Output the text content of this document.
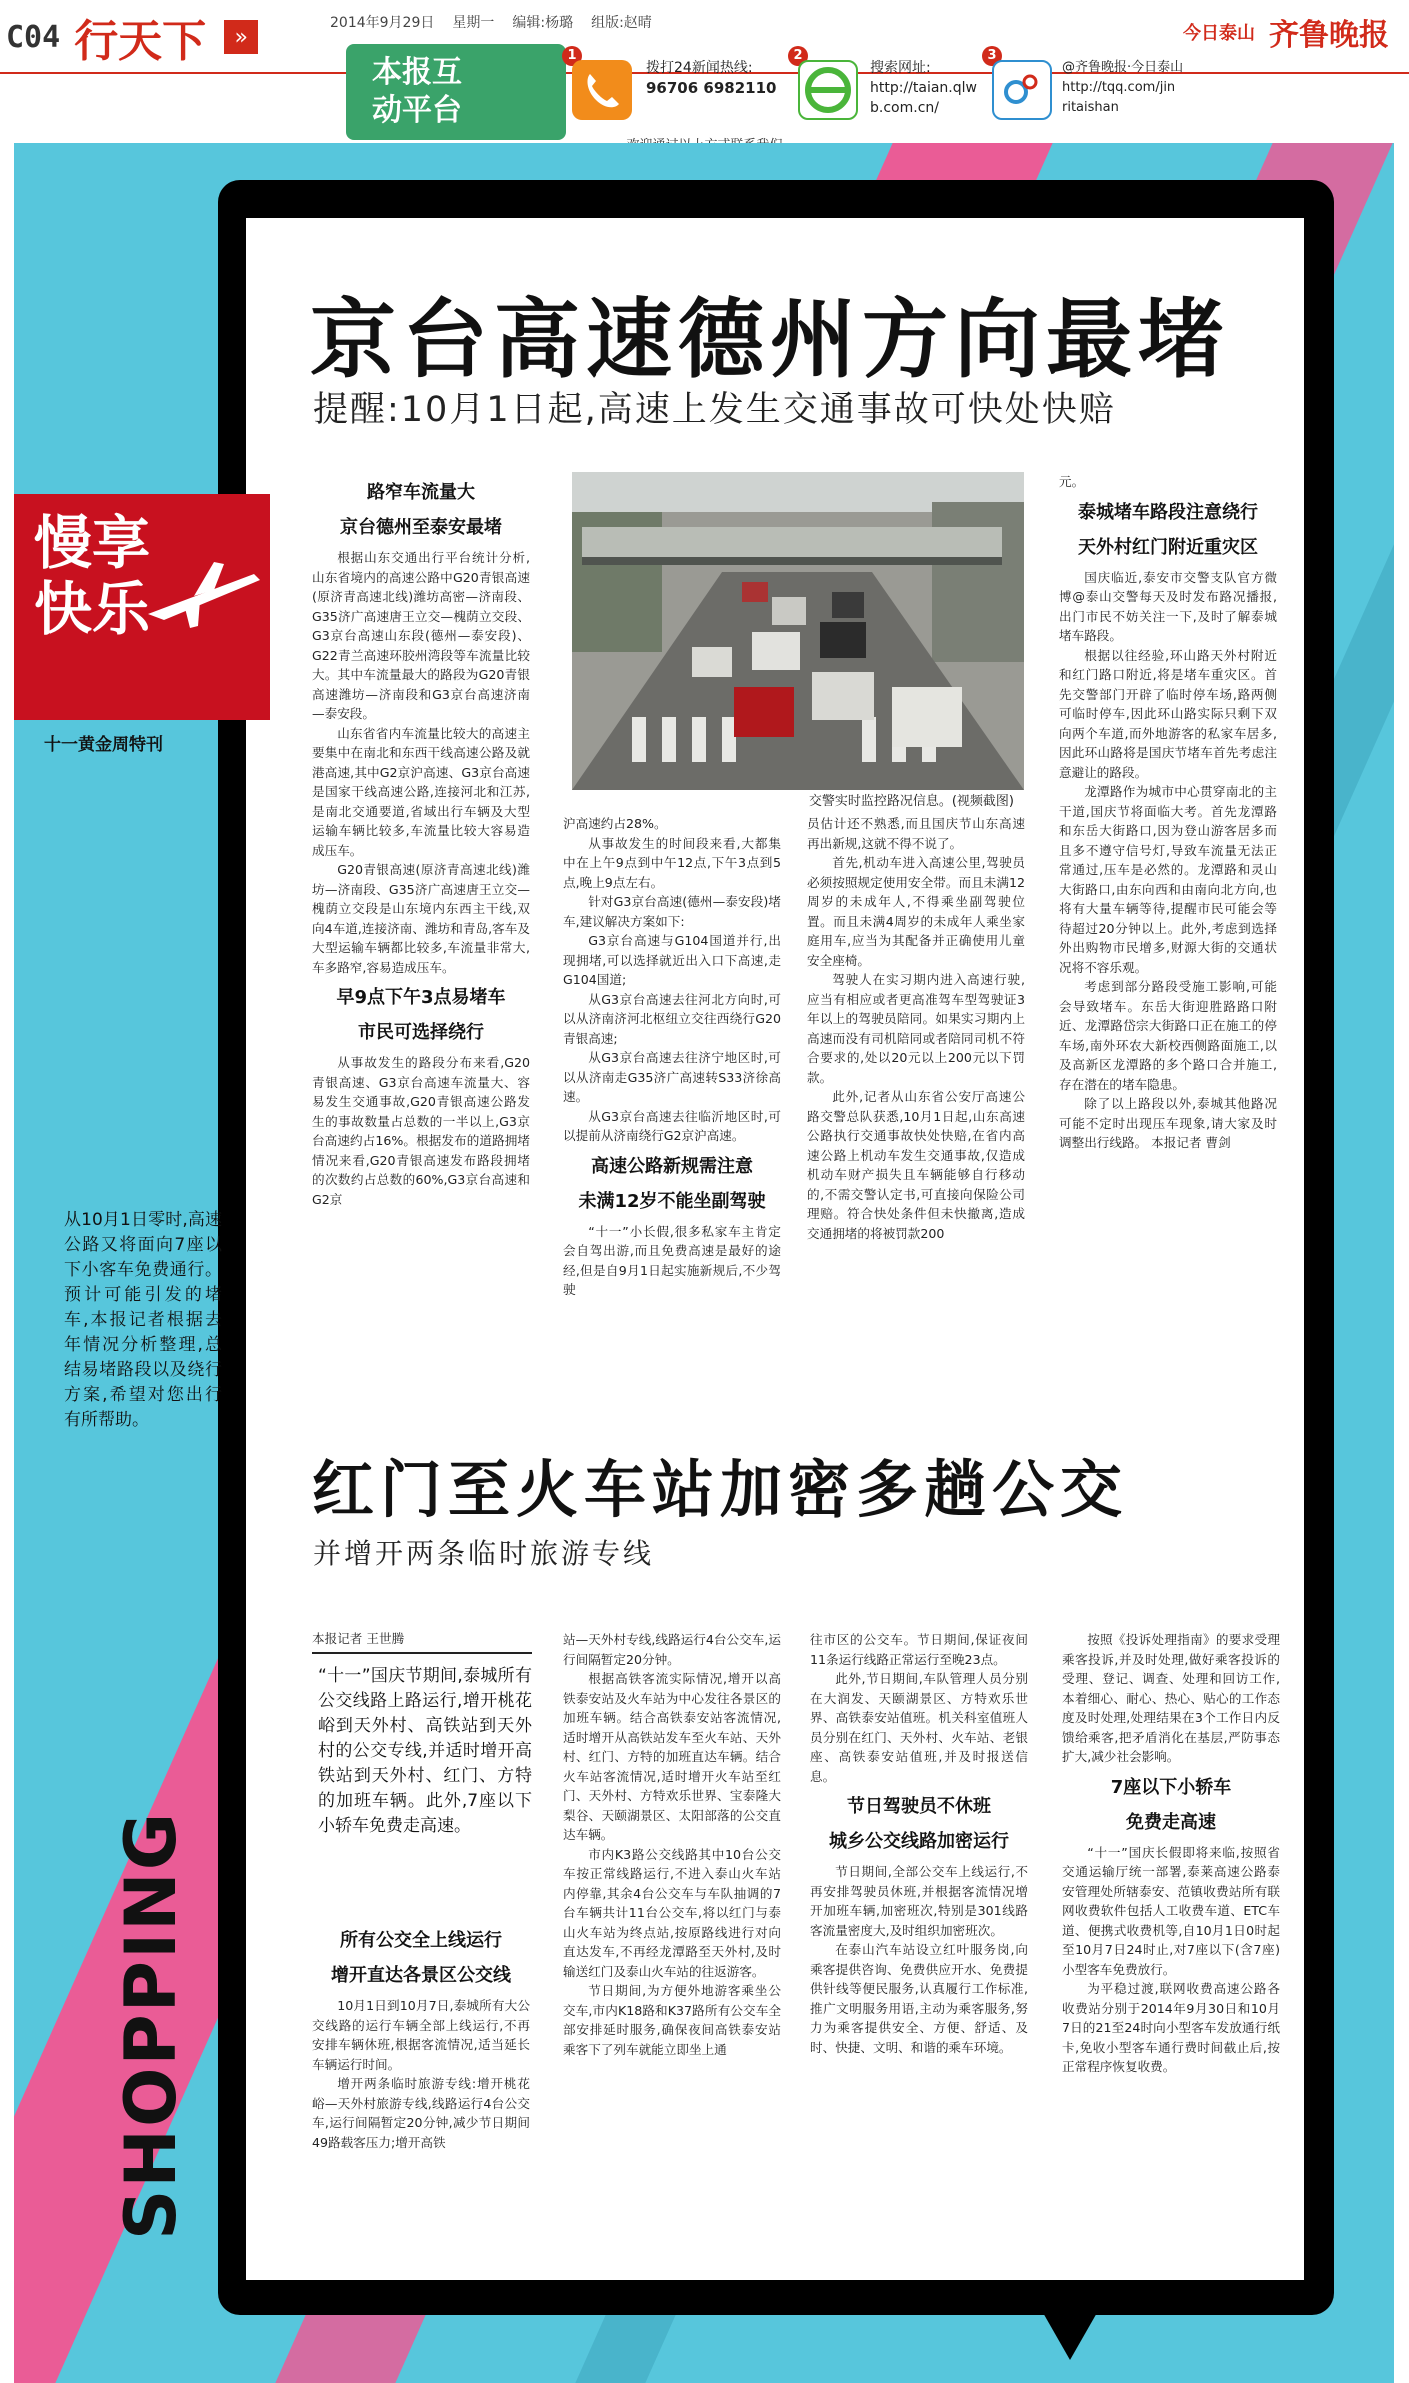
C04 行天下	»
2014年9月29日 星期一 编辑:杨璐 组版:赵晴	今日泰山 齐鲁晚报
本报互
动平台
1
拨打24新闻热线:
96706 6982110
2
搜索网址:
http://taian.qlw
b.com.cn/
3
@齐鲁晚报·今日泰山
http://tqq.com/jin
ritaishan
慢享
快乐
十一黄金周特刊
从10月1日零时,高速公路又将面向7座以下小客车免费通行。预计可能引发的堵车,本报记者根据去年情况分析整理,总结易堵路段以及绕行方案,希望对您出行有所帮助。
京台高速德州方向最堵
提醒:10月1日起,高速上发生交通事故可快处快赔
交警实时监控路况信息。(视频截图)
路窄车流量大
京台德州至泰安最堵

根据山东交通出行平台统计分析,山东省境内的高速公路中G20青银高速(原济青高速北线)潍坊高密—济南段、G35济广高速唐王立交—槐荫立交段、G3京台高速山东段(德州—泰安段)、G22青兰高速环胶州湾段等车流量比较大。其中车流量最大的路段为G20青银高速潍坊—济南段和G3京台高速济南—泰安段。

山东省省内车流量比较大的高速主要集中在南北和东西干线高速公路及就港高速,其中G2京沪高速、G3京台高速是国家干线高速公路,连接河北和江苏,是南北交通要道,省域出行车辆及大型运输车辆比较多,车流量比较大容易造成压车。

G20青银高速(原济青高速北线)潍坊—济南段、G35济广高速唐王立交—槐荫立交段是山东境内东西主干线,双向4车道,连接济南、潍坊和青岛,客车及大型运输车辆都比较多,车流量非常大,车多路窄,容易造成压车。

早9点下午3点易堵车
市民可选择绕行

从事故发生的路段分布来看,G20青银高速、G3京台高速车流量大、容易发生交通事故,G20青银高速公路发生的事故数量占总数的一半以上,G3京台高速约占16%。根据发布的道路拥堵情况来看,G20青银高速发布路段拥堵的次数约占总数的60%,G3京台高速和G2京

沪高速约占28%。

从事故发生的时间段来看,大都集中在上午9点到中午12点,下午3点到5点,晚上9点左右。

针对G3京台高速(德州—泰安段)堵车,建议解决方案如下:

G3京台高速与G104国道并行,出现拥堵,可以选择就近出入口下高速,走G104国道;

从G3京台高速去往河北方向时,可以从济南济河北枢纽立交往西绕行G20青银高速;

从G3京台高速去往济宁地区时,可以从济南走G35济广高速转S33济徐高速。

从G3京台高速去往临沂地区时,可以提前从济南绕行G2京沪高速。

高速公路新规需注意
未满12岁不能坐副驾驶

“十一”小长假,很多私家车主肯定会自驾出游,而且免费高速是最好的途经,但是自9月1日起实施新规后,不少驾驶

员估计还不熟悉,而且国庆节山东高速再出新规,这就不得不说了。

首先,机动车进入高速公里,驾驶员必须按照规定使用安全带。而且未满12周岁的未成年人,不得乘坐副驾驶位置。而且未满4周岁的未成年人乘坐家庭用车,应当为其配备并正确使用儿童安全座椅。

驾驶人在实习期内进入高速行驶,应当有相应或者更高准驾车型驾驶证3年以上的驾驶员陪同。如果实习期内上高速而没有司机陪同或者陪同司机不符合要求的,处以20元以上200元以下罚款。

此外,记者从山东省公安厅高速公路交警总队获悉,10月1日起,山东高速公路执行交通事故快处快赔,在省内高速公路上机动车发生交通事故,仅造成机动车财产损失且车辆能够自行移动的,不需交警认定书,可直接向保险公司理赔。符合快处条件但未快撤离,造成交通拥堵的将被罚款200

元。

泰城堵车路段注意绕行
天外村红门附近重灾区

国庆临近,泰安市交警支队官方微博@泰山交警每天及时发布路况播报,出门市民不妨关注一下,及时了解泰城堵车路段。

根据以往经验,环山路天外村附近和红门路口附近,将是堵车重灾区。首先交警部门开辟了临时停车场,路两侧可临时停车,因此环山路实际只剩下双向两个车道,而外地游客的私家车居多,因此环山路将是国庆节堵车首先考虑注意避让的路段。

龙潭路作为城市中心贯穿南北的主干道,国庆节将面临大考。首先龙潭路和东岳大街路口,因为登山游客居多而且多不遵守信号灯,导致车流量无法正常通过,压车是必然的。龙潭路和灵山大街路口,由东向西和由南向北方向,也将有大量车辆等待,提醒市民可能会等待超过20分钟以上。此外,考虑到选择外出购物市民增多,财源大街的交通状况将不容乐观。

考虑到部分路段受施工影响,可能会导致堵车。东岳大街迎胜路路口附近、龙潭路岱宗大街路口正在施工的停车场,南外环农大新校西侧路面施工,以及高新区龙潭路的多个路口合并施工,存在潜在的堵车隐患。

除了以上路段以外,泰城其他路况可能不定时出现压车现象,请大家及时调整出行线路。 本报记者 曹剑

红门至火车站加密多趟公交
并增开两条临时旅游专线
本报记者 王世腾
“十一”国庆节期间,泰城所有公交线路上路运行,增开桃花峪到天外村、高铁站到天外村的公交专线,并适时增开高铁站到天外村、红门、方特的加班车辆。此外,7座以下小轿车免费走高速。
所有公交全上线运行
增开直达各景区公交线

10月1日到10月7日,泰城所有大公交线路的运行车辆全部上线运行,不再安排车辆休班,根据客流情况,适当延长车辆运行时间。

增开两条临时旅游专线:增开桃花峪—天外村旅游专线,线路运行4台公交车,运行间隔暂定20分钟,减少节日期间49路载客压力;增开高铁

站—天外村专线,线路运行4台公交车,运行间隔暂定20分钟。

根据高铁客流实际情况,增开以高铁泰安站及火车站为中心发往各景区的加班车辆。结合高铁泰安站客流情况,适时增开从高铁站发车至火车站、天外村、红门、方特的加班直达车辆。结合火车站客流情况,适时增开火车站至红门、天外村、方特欢乐世界、宝泰隆大梨谷、天颐湖景区、太阳部落的公交直达车辆。

市内K3路公交线路其中10台公交车按正常线路运行,不进入泰山火车站内停靠,其余4台公交车与车队抽调的7台车辆共计11台公交车,将以红门与泰山火车站为终点站,按原路线进行对向直达发车,不再经龙潭路至天外村,及时输送红门及泰山火车站的往返游客。

节日期间,为方便外地游客乘坐公交车,市内K18路和K37路所有公交车全部安排延时服务,确保夜间高铁泰安站乘客下了列车就能立即坐上通

往市区的公交车。节日期间,保证夜间11条运行线路正常运行至晚23点。

此外,节日期间,车队管理人员分别在大润发、天颐湖景区、方特欢乐世界、高铁泰安站值班。机关科室值班人员分别在红门、天外村、火车站、老银座、高铁泰安站值班,并及时报送信息。

节日驾驶员不休班
城乡公交线路加密运行

节日期间,全部公交车上线运行,不再安排驾驶员休班,并根据客流情况增开加班车辆,加密班次,特别是301线路客流量密度大,及时组织加密班次。

在泰山汽车站设立红叶服务岗,向乘客提供咨询、免费供应开水、免费提供针线等便民服务,认真履行工作标准,推广文明服务用语,主动为乘客服务,努力为乘客提供安全、方便、舒适、及时、快捷、文明、和谐的乘车环境。

按照《投诉处理指南》的要求受理乘客投诉,并及时处理,做好乘客投诉的受理、登记、调查、处理和回访工作,本着细心、耐心、热心、贴心的工作态度及时处理,处理结果在3个工作日内反馈给乘客,把矛盾消化在基层,严防事态扩大,减少社会影响。

7座以下小轿车
免费走高速

“十一”国庆长假即将来临,按照省交通运输厅统一部署,泰莱高速公路泰安管理处所辖泰安、范镇收费站所有联网收费软件包括人工收费车道、ETC车道、便携式收费机等,自10月1日0时起至10月7日24时止,对7座以下(含7座)小型客车免费放行。

为平稳过渡,联网收费高速公路各收费站分别于2014年9月30日和10月7日的21至24时向小型客车发放通行纸卡,免收小型客车通行费时间截止后,按正常程序恢复收费。

SHOPPING
